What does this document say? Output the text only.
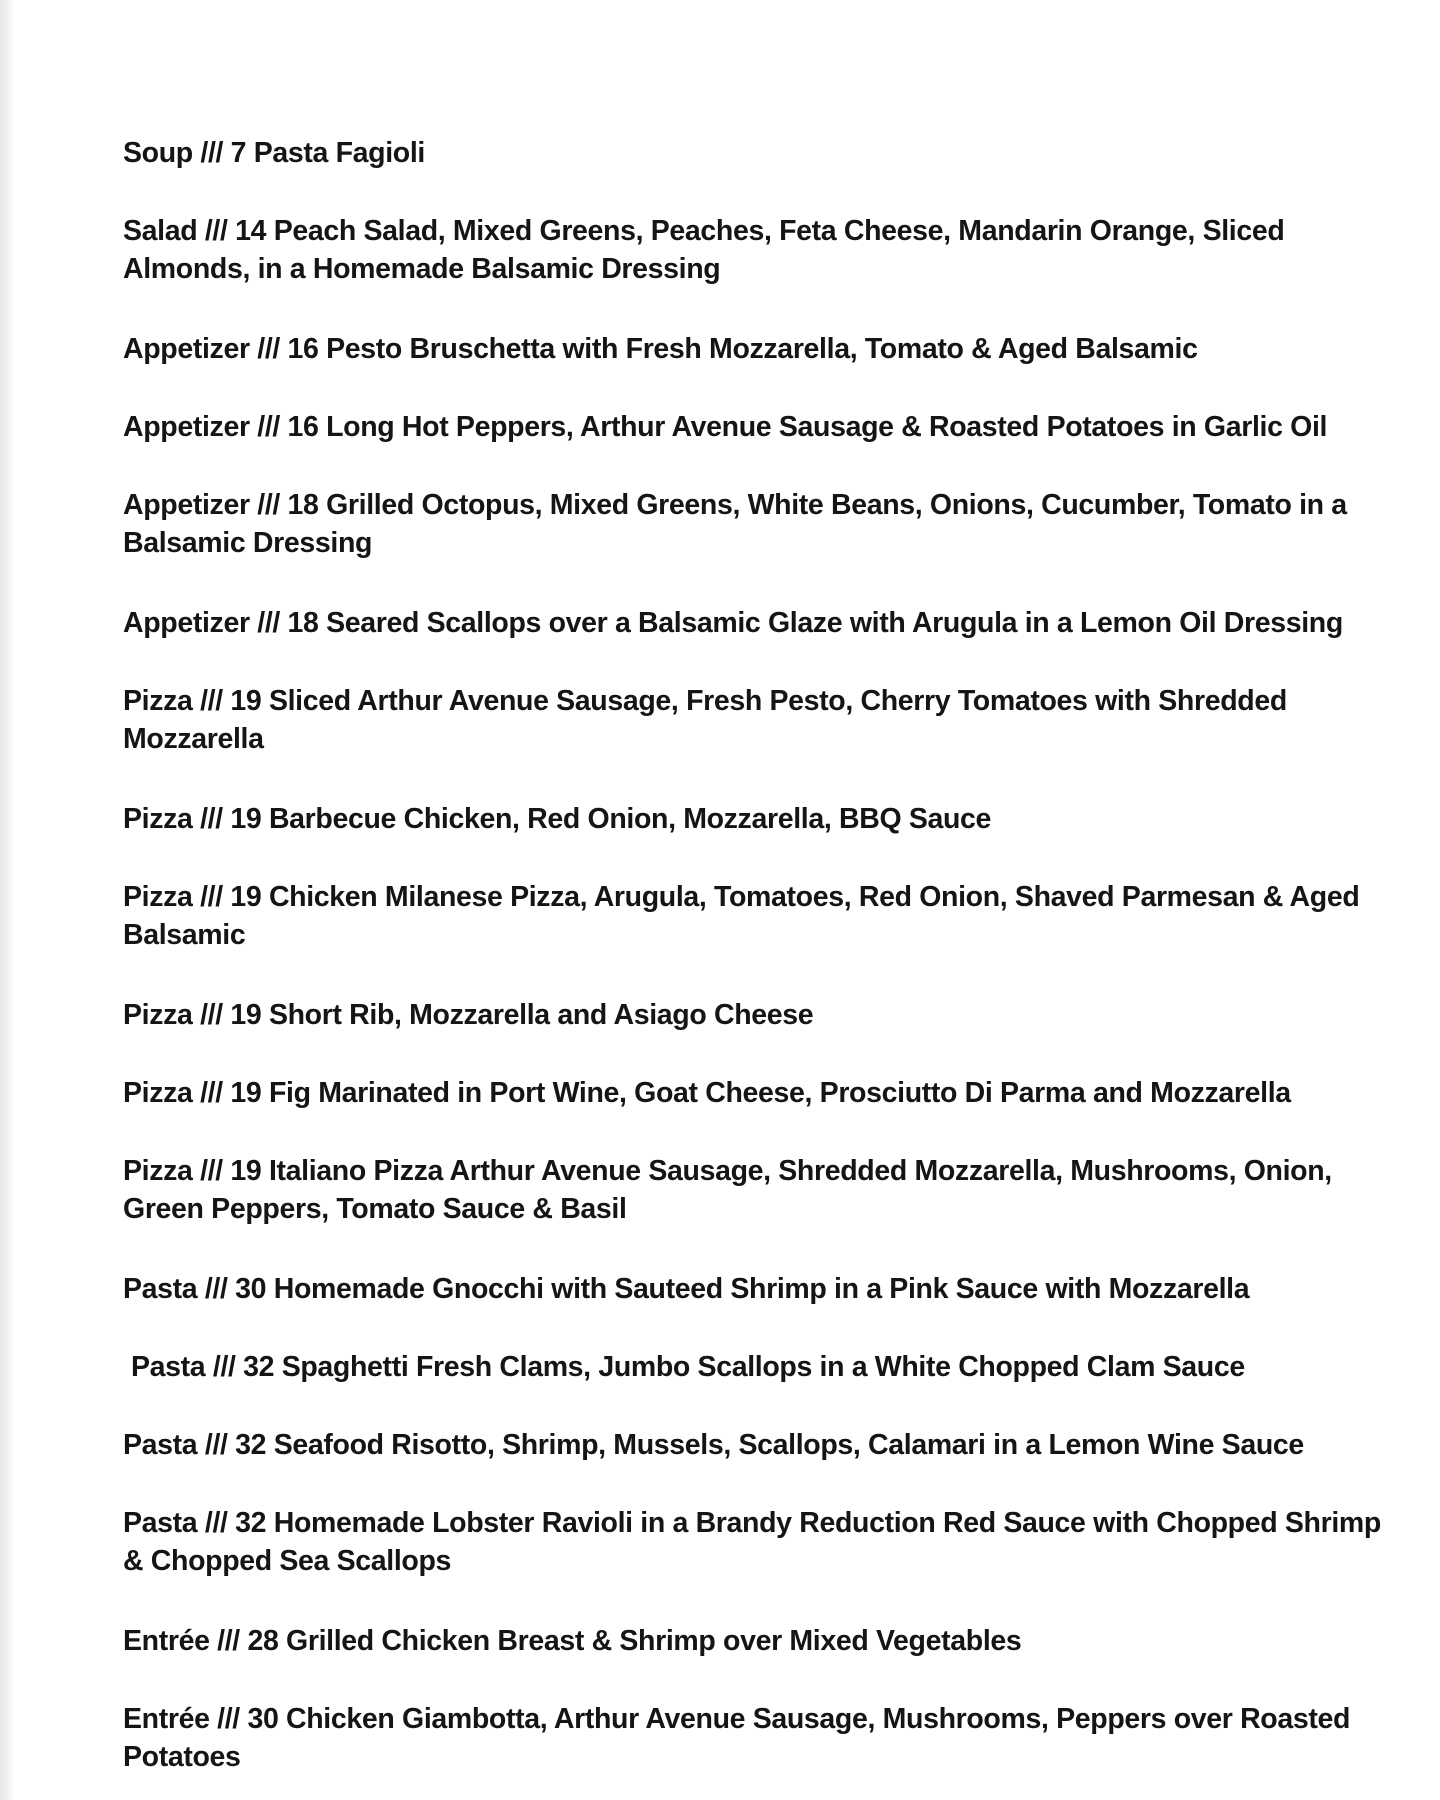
Soup /// 7 Pasta Fagioli
Salad /// 14 Peach Salad, Mixed Greens, Peaches, Feta Cheese, Mandarin Orange, Sliced Almonds, in a Homemade Balsamic Dressing
Appetizer /// 16 Pesto Bruschetta with Fresh Mozzarella, Tomato & Aged Balsamic
Appetizer /// 16 Long Hot Peppers, Arthur Avenue Sausage & Roasted Potatoes in Garlic Oil
Appetizer /// 18 Grilled Octopus, Mixed Greens, White Beans, Onions, Cucumber, Tomato in a Balsamic Dressing
Appetizer /// 18 Seared Scallops over a Balsamic Glaze with Arugula in a Lemon Oil Dressing
Pizza /// 19 Sliced Arthur Avenue Sausage, Fresh Pesto, Cherry Tomatoes with Shredded Mozzarella
Pizza /// 19 Barbecue Chicken, Red Onion, Mozzarella, BBQ Sauce
Pizza /// 19 Chicken Milanese Pizza, Arugula, Tomatoes, Red Onion, Shaved Parmesan & Aged Balsamic
Pizza /// 19 Short Rib, Mozzarella and Asiago Cheese
Pizza /// 19 Fig Marinated in Port Wine, Goat Cheese, Prosciutto Di Parma and Mozzarella
Pizza /// 19 Italiano Pizza Arthur Avenue Sausage, Shredded Mozzarella, Mushrooms, Onion, Green Peppers, Tomato Sauce & Basil
Pasta /// 30 Homemade Gnocchi with Sauteed Shrimp in a Pink Sauce with Mozzarella
Pasta /// 32 Spaghetti Fresh Clams, Jumbo Scallops in a White Chopped Clam Sauce
Pasta /// 32 Seafood Risotto, Shrimp, Mussels, Scallops, Calamari in a Lemon Wine Sauce
Pasta /// 32 Homemade Lobster Ravioli in a Brandy Reduction Red Sauce with Chopped Shrimp & Chopped Sea Scallops
Entrée /// 28 Grilled Chicken Breast & Shrimp over Mixed Vegetables
Entrée /// 30 Chicken Giambotta, Arthur Avenue Sausage, Mushrooms, Peppers over Roasted Potatoes
